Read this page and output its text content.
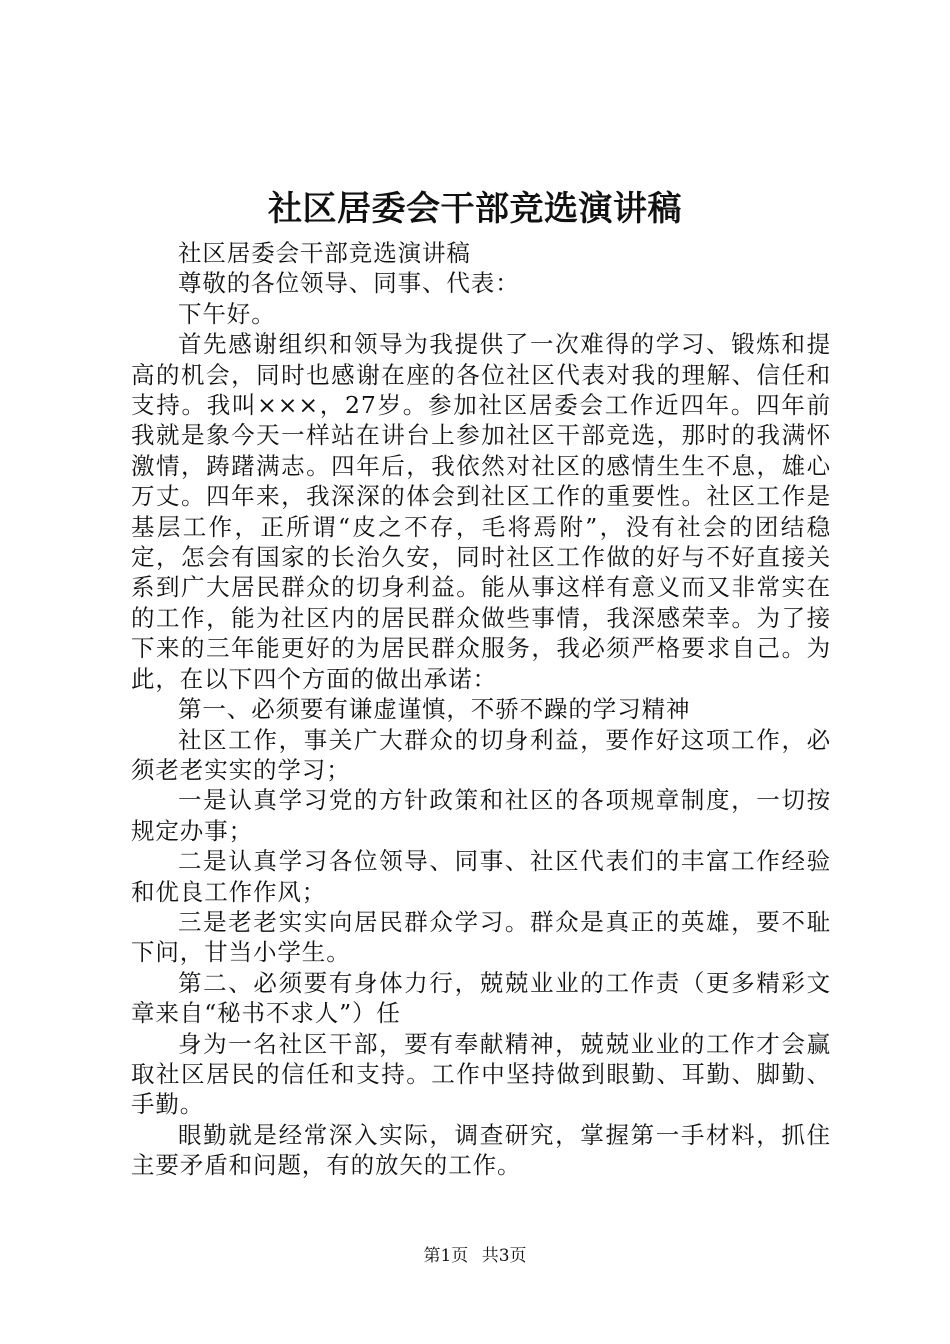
社区居委会干部竞选演讲稿

社区居委会干部竞选演讲稿

尊敬的各位领导、同事、代表：

下午好。

首先感谢组织和领导为我提供了一次难得的学习、锻炼和提高的机会，同时也感谢在座的各位社区代表对我的理解、信任和支持。我叫×××，27岁。参加社区居委会工作近四年。四年前我就是象今天一样站在讲台上参加社区干部竞选，那时的我满怀激情，踌躇满志。四年后，我依然对社区的感情生生不息，雄心万丈。四年来，我深深的体会到社区工作的重要性。社区工作是基层工作，正所谓“皮之不存，毛将焉附”，没有社会的团结稳定，怎会有国家的长治久安，同时社区工作做的好与不好直接关系到广大居民群众的切身利益。能从事这样有意义而又非常实在的工作，能为社区内的居民群众做些事情，我深感荣幸。为了接下来的三年能更好的为居民群众服务，我必须严格要求自己。为此，在以下四个方面的做出承诺：

第一、必须要有谦虚谨慎，不骄不躁的学习精神

社区工作，事关广大群众的切身利益，要作好这项工作，必须老老实实的学习；

一是认真学习党的方针政策和社区的各项规章制度，一切按规定办事；

二是认真学习各位领导、同事、社区代表们的丰富工作经验和优良工作作风；

三是老老实实向居民群众学习。群众是真正的英雄，要不耻下问，甘当小学生。

第二、必须要有身体力行，兢兢业业的工作责（更多精彩文章来自“秘书不求人”）任

身为一名社区干部，要有奉献精神，兢兢业业的工作才会赢取社区居民的信任和支持。工作中坚持做到眼勤、耳勤、脚勤、手勤。

眼勤就是经常深入实际，调查研究，掌握第一手材料，抓住主要矛盾和问题，有的放矢的工作。

第1页 共3页
